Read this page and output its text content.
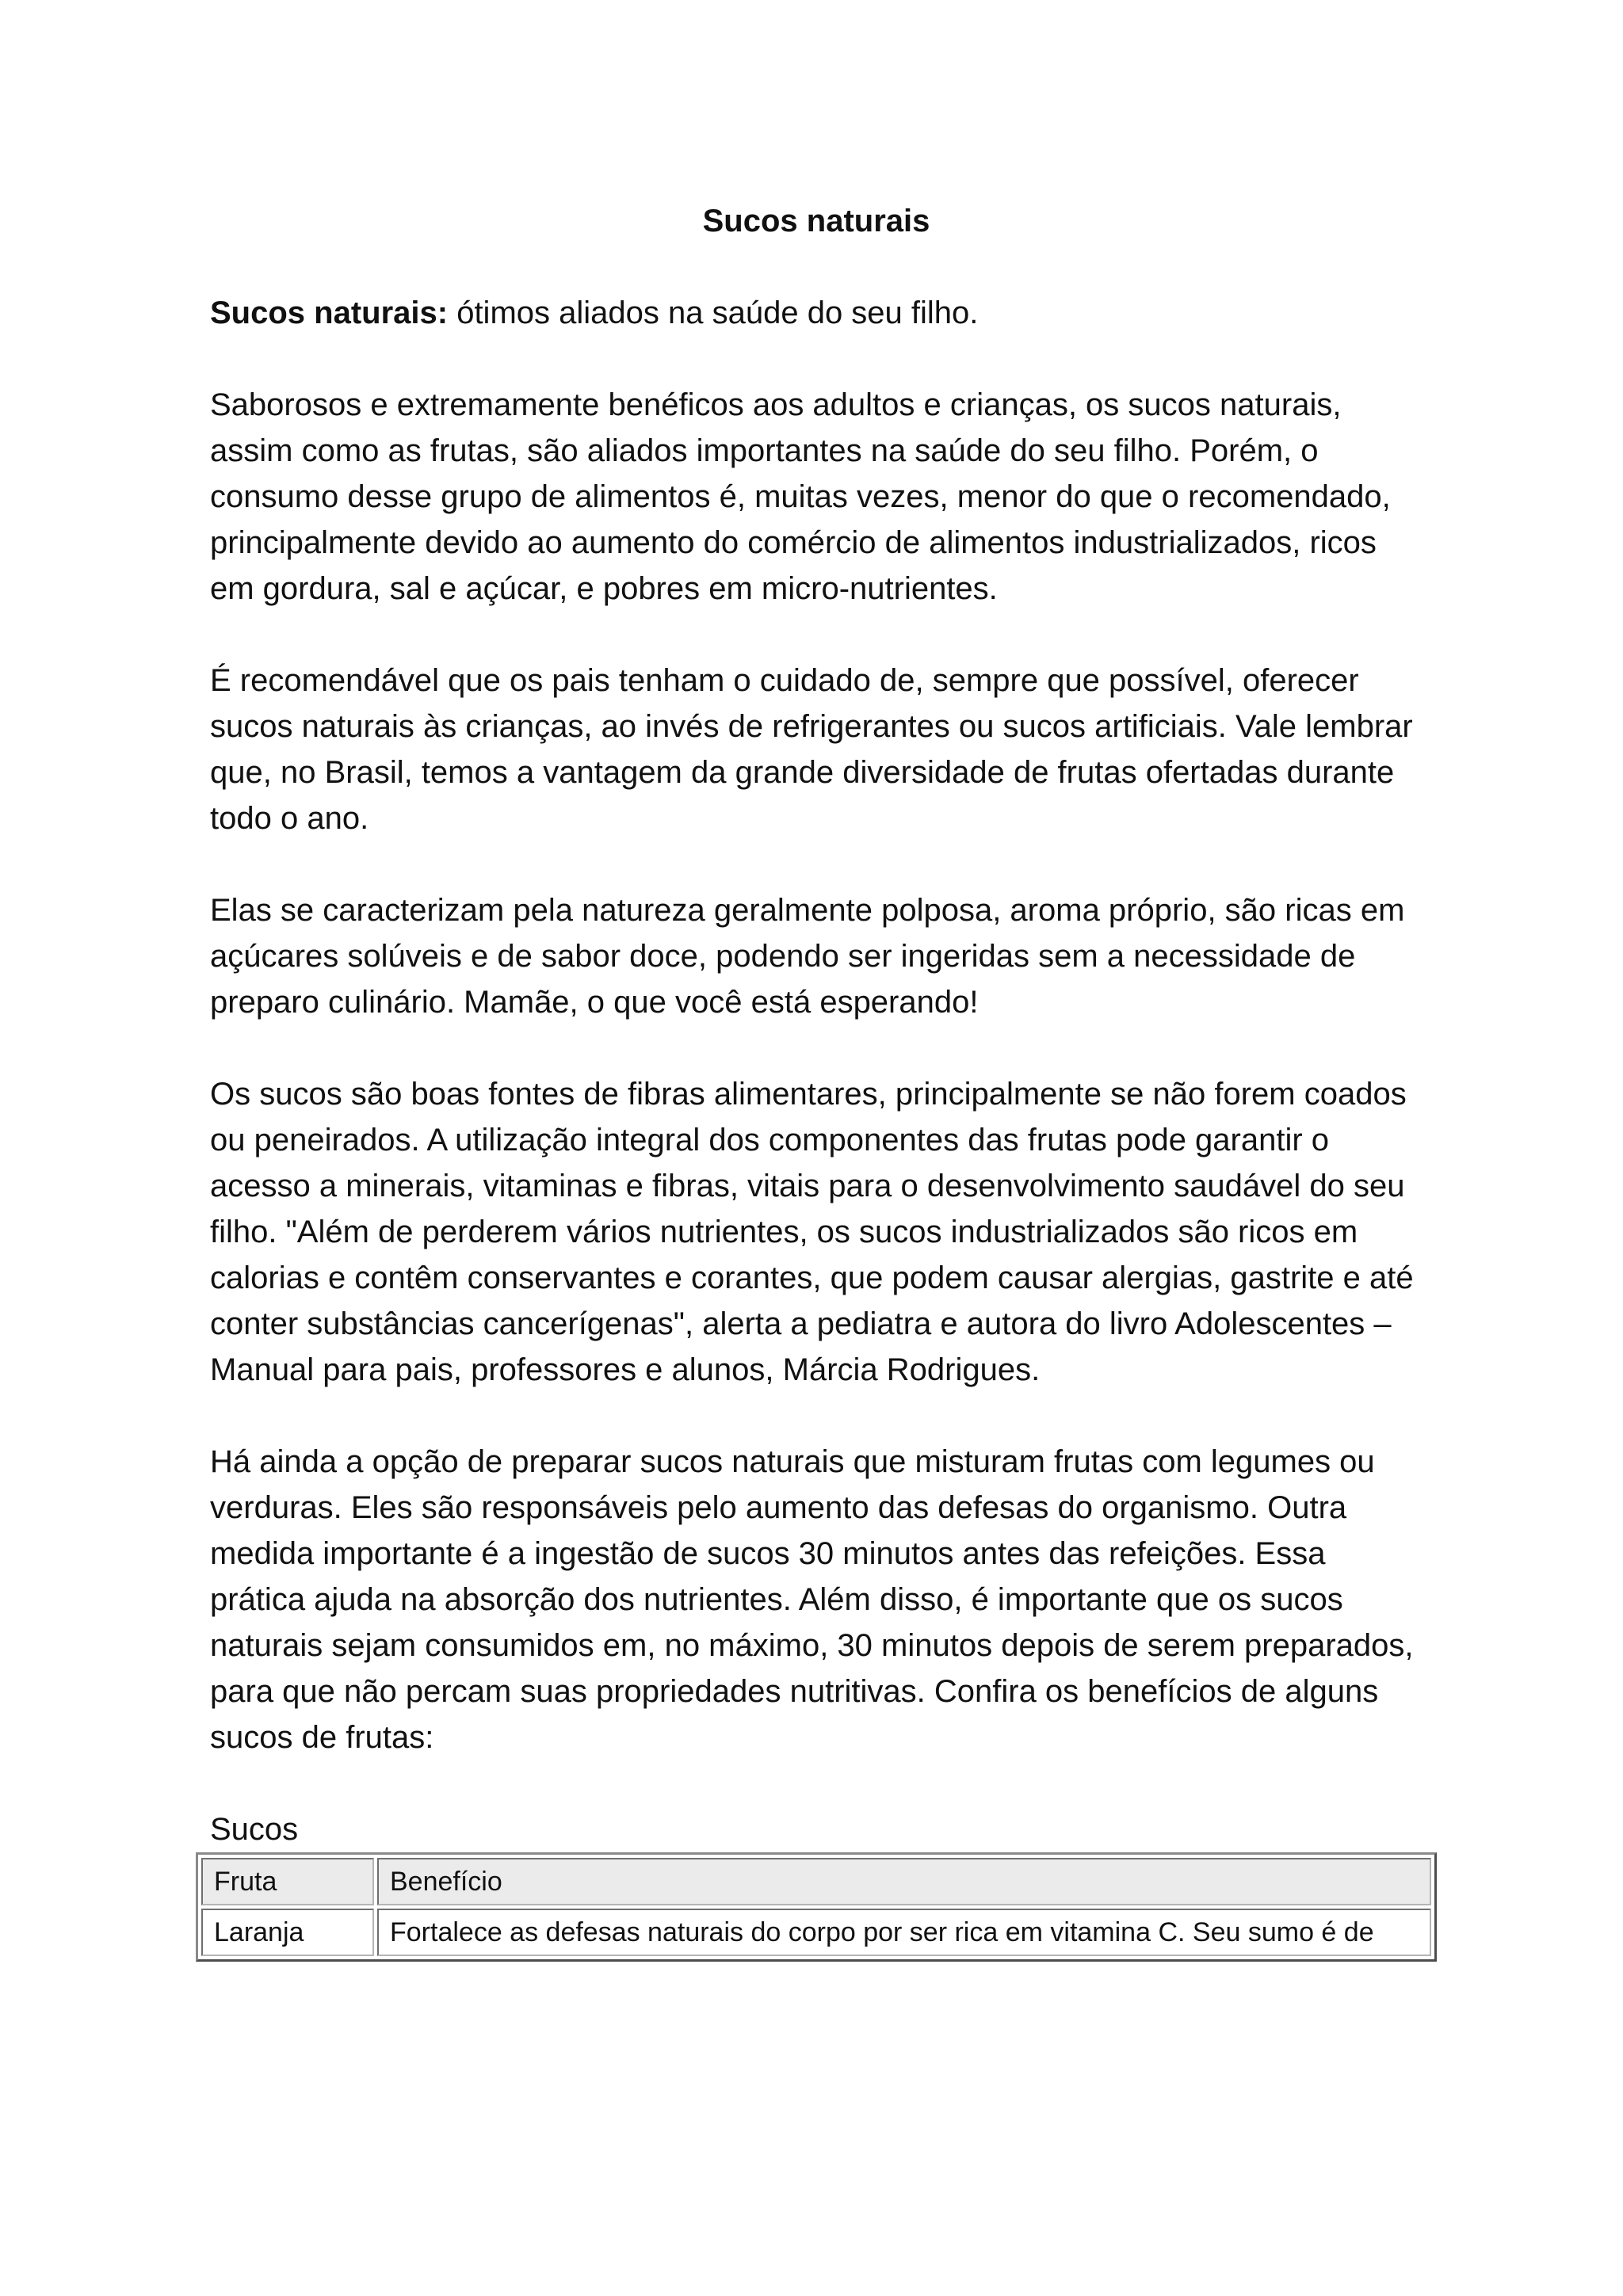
Sucos naturais

Sucos naturais: ótimos aliados na saúde do seu filho.

Saborosos e extremamente benéficos aos adultos e crianças, os sucos naturais, assim como as frutas, são aliados importantes na saúde do seu filho. Porém, o consumo desse grupo de alimentos é, muitas vezes, menor do que o recomendado, principalmente devido ao aumento do comércio de alimentos industrializados, ricos em gordura, sal e açúcar, e pobres em micro-nutrientes.

É recomendável que os pais tenham o cuidado de, sempre que possível, oferecer sucos naturais às crianças, ao invés de refrigerantes ou sucos artificiais. Vale lembrar que, no Brasil, temos a vantagem da grande diversidade de frutas ofertadas durante todo o ano.

Elas se caracterizam pela natureza geralmente polposa, aroma próprio, são ricas em açúcares solúveis e de sabor doce, podendo ser ingeridas sem a necessidade de preparo culinário. Mamãe, o que você está esperando!

Os sucos são boas fontes de fibras alimentares, principalmente se não forem coados ou peneirados. A utilização integral dos componentes das frutas pode garantir o acesso a minerais, vitaminas e fibras, vitais para o desenvolvimento saudável do seu filho. "Além de perderem vários nutrientes, os sucos industrializados são ricos em calorias e contêm conservantes e corantes, que podem causar alergias, gastrite e até conter substâncias cancerígenas", alerta a pediatra e autora do livro Adolescentes – Manual para pais, professores e alunos, Márcia Rodrigues.

Há ainda a opção de preparar sucos naturais que misturam frutas com legumes ou verduras. Eles são responsáveis pelo aumento das defesas do organismo. Outra medida importante é a ingestão de sucos 30 minutos antes das refeições. Essa prática ajuda na absorção dos nutrientes. Além disso, é importante que os sucos naturais sejam consumidos em, no máximo, 30 minutos depois de serem preparados, para que não percam suas propriedades nutritivas. Confira os benefícios de alguns sucos de frutas:

Sucos

Fruta	Benefício
Laranja	Fortalece as defesas naturais do corpo por ser rica em vitamina C. Seu sumo é de
